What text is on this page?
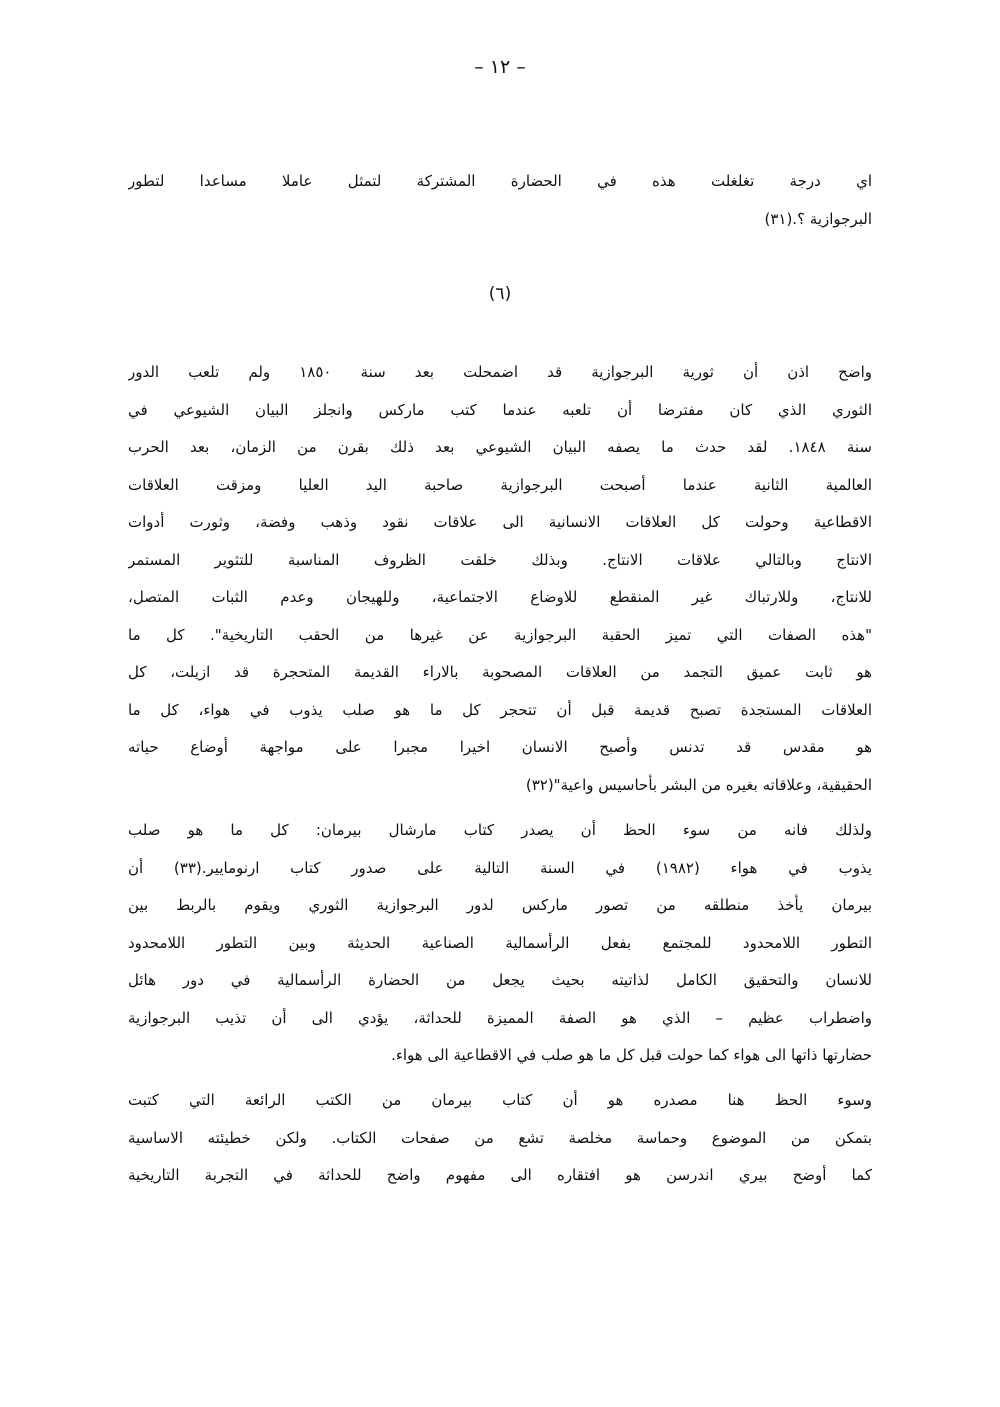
– ١٢ –
اي درجة تغلغلت هذه في الحضارة المشتركة لتمثل عاملا مساعدا لتطور
البرجوازية ؟.(٣١)
(٦)
واضح اذن أن ثورية البرجوازية قد اضمحلت بعد سنة ١٨٥٠ ولم تلعب الدور
الثوري الذي كان مفترضا أن تلعبه عندما كتب ماركس وانجلز البيان الشيوعي في
سنة ١٨٤٨. لقد حدث ما يصفه البيان الشيوعي بعد ذلك بقرن من الزمان، بعد الحرب
العالمية الثانية عندما أصبحت البرجوازية صاحبة اليد العليا ومزقت العلاقات
الاقطاعية وحولت كل العلاقات الانسانية الى علاقات نقود وذهب وفضة، وثورت أدوات
الانتاج وبالتالي علاقات الانتاج. وبذلك خلقت الظروف المناسبة للتثوير المستمر
للانتاج، وللارتباك غير المنقطع للاوضاع الاجتماعية، وللهيجان وعدم الثبات المتصل،
"هذه الصفات التي تميز الحقبة البرجوازية عن غيرها من الحقب التاريخية". كل ما
هو ثابت عميق التجمد من العلاقات المصحوبة بالاراء القديمة المتحجرة قد ازيلت، كل
العلاقات المستجدة تصبح قديمة قبل أن تتحجر كل ما هو صلب يذوب في هواء، كل ما
هو مقدس قد تدنس وأصبح الانسان اخيرا مجبرا على مواجهة أوضاع حياته
الحقيقية، وعلاقاته بغيره من البشر بأحاسيس واعية"(٣٢)
ولذلك فانه من سوء الحظ أن يصدر كتاب مارشال بيرمان: كل ما هو صلب
يذوب في هواء (١٩٨٢) في السنة التالية على صدور كتاب ارنومايير.(٣٣) أن
بيرمان يأخذ منطلقه من تصور ماركس لدور البرجوازية الثوري ويقوم بالربط بين
التطور اللامحدود للمجتمع بفعل الرأسمالية الصناعية الحديثة وبين التطور اللامحدود
للانسان والتحقيق الكامل لذاتيته بحيث يجعل من الحضارة الرأسمالية في دور هائل
واضطراب عظيم – الذي هو الصفة المميزة للحداثة، يؤدي الى أن تذيب البرجوازية
حضارتها ذاتها الى هواء كما حولت قبل كل ما هو صلب في الاقطاعية الى هواء.
وسوء الحظ هنا مصدره هو أن كتاب بيرمان من الكتب الرائعة التي كتبت
بتمكن من الموضوع وحماسة مخلصة تشع من صفحات الكتاب. ولكن خطيئته الاساسية
كما أوضح بيري اندرسن هو افتقاره الى مفهوم واضح للحداثة في التجربة التاريخية
